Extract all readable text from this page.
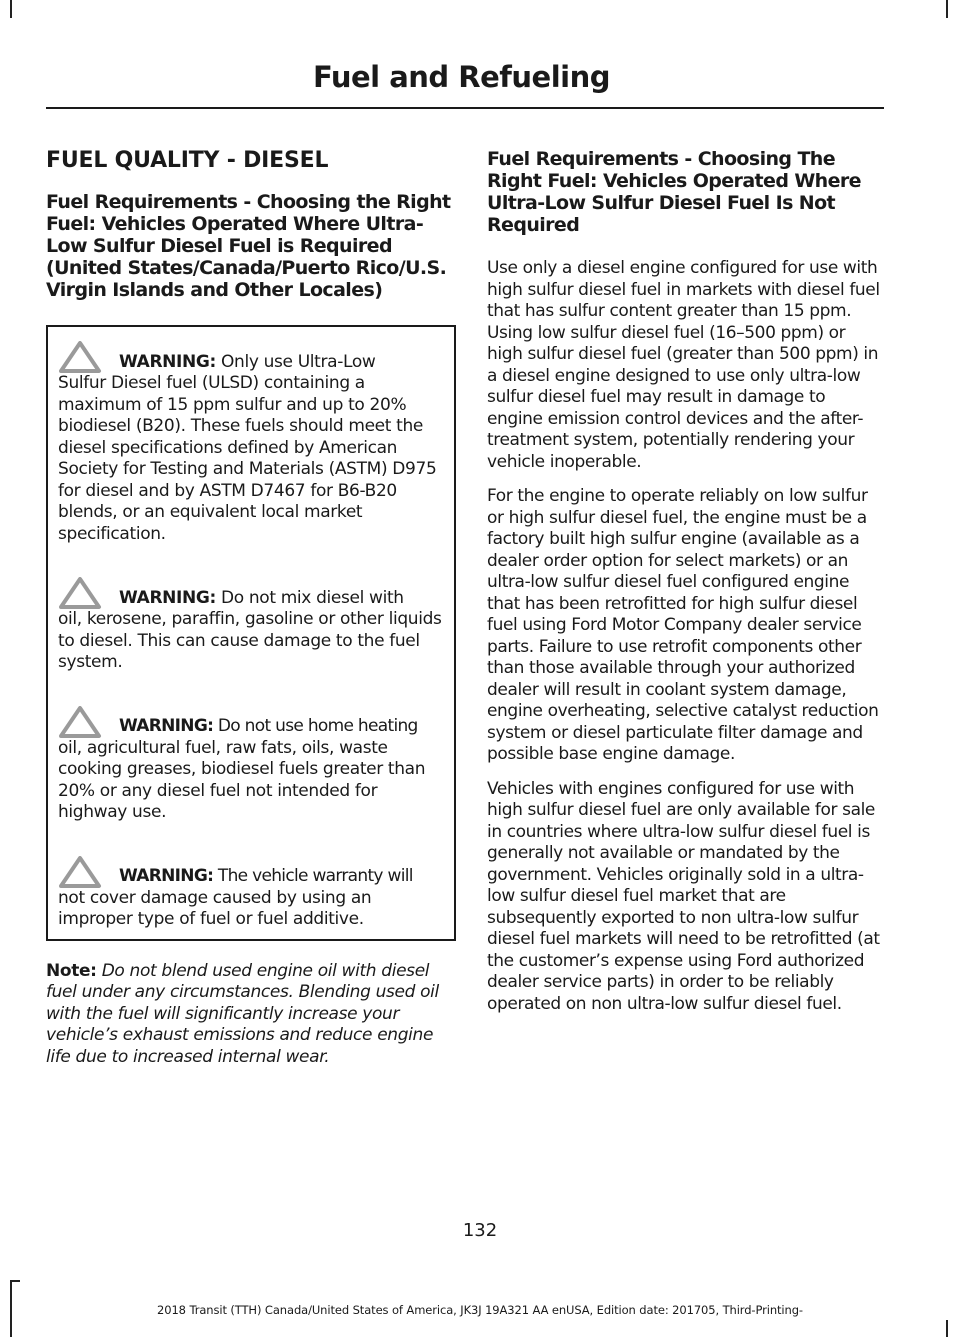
Fuel and Refueling
FUEL QUALITY - DIESEL
Fuel Requirements - Choosing the Right Fuel: Vehicles Operated Where Ultra-Low Sulfur Diesel Fuel is Required (United States/Canada/Puerto Rico/U.S. Virgin Islands and Other Locales)
WARNING: Only use Ultra-Low
Sulfur Diesel fuel (ULSD) containing a maximum of 15 ppm sulfur and up to 20% biodiesel (B20). These fuels should meet the diesel specifications defined by American Society for Testing and Materials (ASTM) D975 for diesel and by ASTM D7467 for B6-B20 blends, or an equivalent local market specification.
WARNING: Do not mix diesel with
oil, kerosene, paraffin, gasoline or other liquids to diesel. This can cause damage to the fuel system.
WARNING: Do not use home heating
oil, agricultural fuel, raw fats, oils, waste cooking greases, biodiesel fuels greater than 20% or any diesel fuel not intended for highway use.
WARNING: The vehicle warranty will
not cover damage caused by using an improper type of fuel or fuel additive.
Note: Do not blend used engine oil with diesel fuel under any circumstances. Blending used oil with the fuel will significantly increase your vehicle’s exhaust emissions and reduce engine life due to increased internal wear.
Fuel Requirements - Choosing The Right Fuel: Vehicles Operated Where Ultra-Low Sulfur Diesel Fuel Is Not Required

Use only a diesel engine configured for use with high sulfur diesel fuel in markets with diesel fuel that has sulfur content greater than 15 ppm. Using low sulfur diesel fuel (16–500 ppm) or high sulfur diesel fuel (greater than 500 ppm) in a diesel engine designed to use only ultra-low sulfur diesel fuel may result in damage to engine emission control devices and the after-treatment system, potentially rendering your vehicle inoperable.

For the engine to operate reliably on low sulfur or high sulfur diesel fuel, the engine must be a factory built high sulfur engine (available as a dealer order option for select markets) or an ultra-low sulfur diesel fuel configured engine that has been retrofitted for high sulfur diesel fuel using Ford Motor Company dealer service parts. Failure to use retrofit components other than those available through your authorized dealer will result in coolant system damage, engine overheating, selective catalyst reduction system or diesel particulate filter damage and possible base engine damage.

Vehicles with engines configured for use with high sulfur diesel fuel are only available for sale in countries where ultra-low sulfur diesel fuel is generally not available or mandated by the government. Vehicles originally sold in a ultra-low sulfur diesel fuel market that are subsequently exported to non ultra-low sulfur diesel fuel markets will need to be retrofitted (at the customer’s expense using Ford authorized dealer service parts) in order to be reliably operated on non ultra-low sulfur diesel fuel.

132
2018 Transit (TTH) Canada/United States of America, JK3J 19A321 AA enUSA, Edition date: 201705, Third-Printing-
